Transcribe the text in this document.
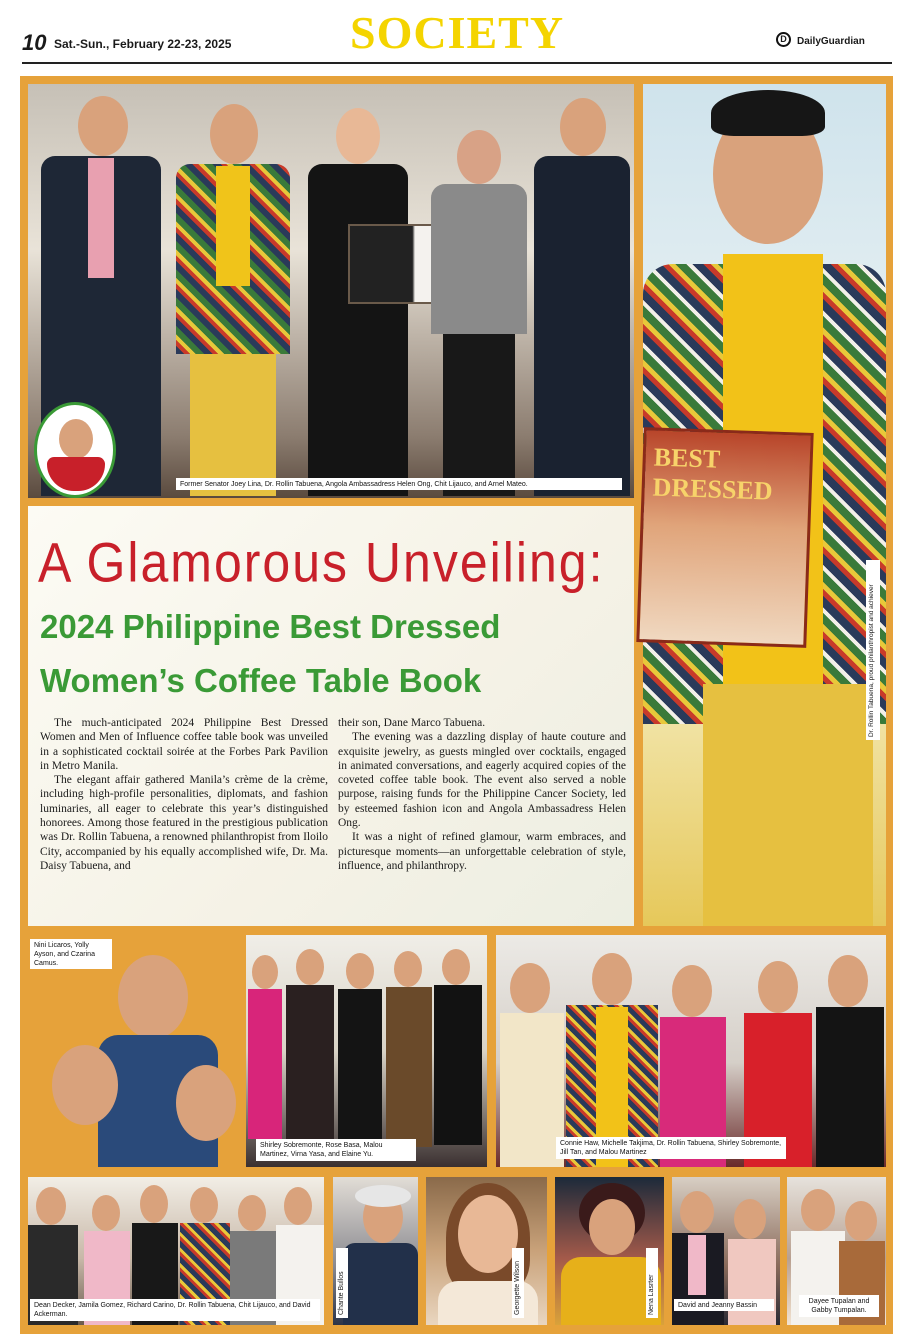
10 Sat.-Sun., February 22-23, 2025	SOCIETY	D	DailyGuardian
Former Senator Joey Lina, Dr. Rollin Tabuena, Angola Ambassadress Helen Ong, Chit Lijauco, and Arnel Mateo.
BEST DRESSED
Dr. Rollin Tabuena, proud philanthropist and achiever
A Glamorous Unveiling:
2024 Philippine Best Dressed
Women’s Coffee Table Book

The much-anticipated 2024 Philippine Best Dressed Women and Men of Influence coffee table book was unveiled in a sophisticated cocktail soirée at the Forbes Park Pavilion in Metro Manila.

The elegant affair gathered Manila’s crème de la crème, including high-profile personalities, diplomats, and fashion luminaries, all eager to celebrate this year’s distinguished honorees. Among those featured in the prestigious publication was Dr. Rollin Tabuena, a renowned philanthropist from Iloilo City, accompanied by his equally accomplished wife, Dr. Ma. Daisy Tabuena, and

their son, Dane Marco Tabuena.

The evening was a dazzling display of haute couture and exquisite jewelry, as guests mingled over cocktails, engaged in animated conversations, and eagerly acquired copies of the coveted coffee table book. The event also served a noble purpose, raising funds for the Philippine Cancer Society, led by esteemed fashion icon and Angola Ambassadress Helen Ong.

It was a night of refined glamour, warm embraces, and picturesque moments—an unforgettable celebration of style, influence, and philanthropy.

Nini Licaros, Yolly Ayson, and Czarina Camus.
Shirley Sobremonte, Rose Basa, Malou Martinez, Virna Yasa, and Elaine Yu.
Connie Haw, Michelle Takjima, Dr. Rollin Tabuena, Shirley Sobremonte, Jill Tan, and Malou Martinez
Dean Decker, Jamila Gomez, Richard Carino, Dr. Rollin Tabuena, Chit Lijauco, and David Ackerman.	Chante Bullos	Georgette Wilson	Nena Lasrter	David and Jeanny Bassin
Dayee Tupalan and Gabby Tumpalan.
